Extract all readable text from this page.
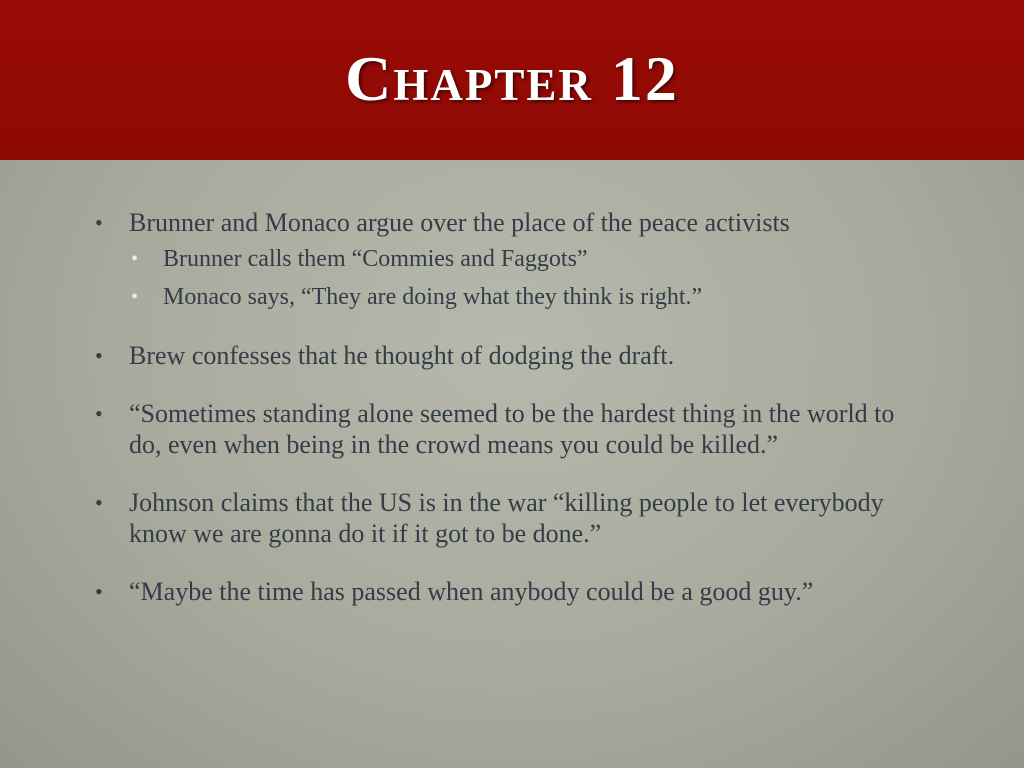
Chapter 12
•	Brunner and Monaco argue over the place of the peace activists
• Brunner calls them “Commies and Faggots”
• Monaco says, “They are doing what they think is right.”
•	Brew confesses that he thought of dodging the draft.
•	“Sometimes standing alone seemed to be the hardest thing in the world to do, even when being in the crowd means you could be killed.”
•	Johnson claims that the US is in the war “killing people to let everybody know we are gonna do it if it got to be done.”
•	“Maybe the time has passed when anybody could be a good guy.”
